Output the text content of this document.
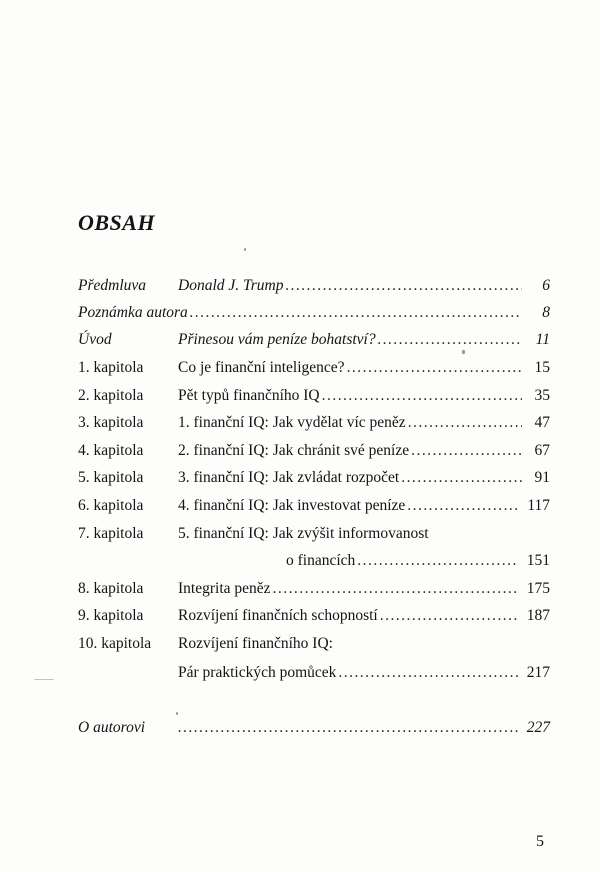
OBSAH
Předmluva Donald J. Trump . . .	6
Poznámka autora . . .	8
Úvod	Přinesou vám peníze bohatství? . . .	11
1. kapitola Co je finanční inteligence? . . .	15
2. kapitola Pět typů finančního IQ . . .	35
3. kapitola 1. finanční IQ: Jak vydělat víc peněz . . .	47
4. kapitola 2. finanční IQ: Jak chránit své peníze . . .	67
5. kapitola 3. finanční IQ: Jak zvládat rozpočet . . .	91
6. kapitola 4. finanční IQ: Jak investovat peníze . . .	117
7. kapitola 5. finanční IQ: Jak zvýšit informovanost
o financích . . .	151
8. kapitola Integrita peněz . . .	175
9. kapitola Rozvíjení finančních schopností . . .	187
10. kapitola Rozvíjení finančního IQ:
Pár praktických pomůcek . . .	217
O autorovi . . .	227
5
